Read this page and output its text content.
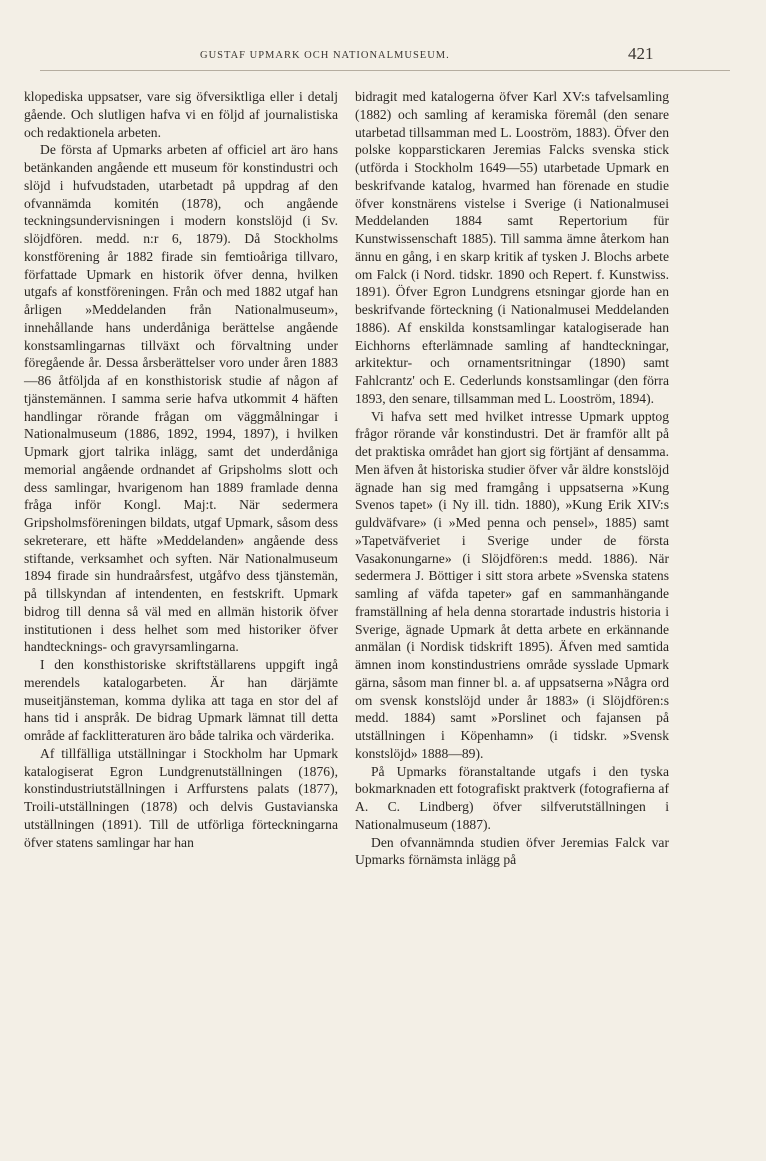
GUSTAF UPMARK OCH NATIONALMUSEUM.	421

klopediska uppsatser, vare sig öfversiktliga eller i detalj gående. Och slutligen hafva vi en följd af journalistiska och redaktionela arbeten.

De första af Upmarks arbeten af officiel art äro hans betänkanden angående ett museum för konstindustri och slöjd i hufvudstaden, utarbetadt på uppdrag af den ofvannämda komitén (1878), och angående teckningsundervisningen i modern konstslöjd (i Sv. slöjdfören. medd. n:r 6, 1879). Då Stockholms konstförening år 1882 firade sin femtioåriga tillvaro, författade Upmark en historik öfver denna, hvilken utgafs af konstföreningen. Från och med 1882 utgaf han årligen »Meddelanden från Nationalmuseum», innehållande hans underdåniga berättelse angående konstsamlingarnas tillväxt och förvaltning under föregående år. Dessa årsberättelser voro under åren 1883—86 åtföljda af en konsthistorisk studie af någon af tjänstemännen. I samma serie hafva utkommit 4 häften handlingar rörande frågan om väggmålningar i Nationalmuseum (1886, 1892, 1994, 1897), i hvilken Upmark gjort talrika inlägg, samt det underdåniga memorial angående ordnandet af Gripsholms slott och dess samlingar, hvarigenom han 1889 framlade denna fråga inför Kongl. Maj:t. När sedermera Gripsholmsföreningen bildats, utgaf Upmark, såsom dess sekreterare, ett häfte »Meddelanden» angående dess stiftande, verksamhet och syften. När Nationalmuseum 1894 firade sin hundraårsfest, utgåfvo dess tjänstemän, på tillskyndan af intendenten, en festskrift. Upmark bidrog till denna så väl med en allmän historik öfver institutionen i dess helhet som med historiker öfver handtecknings- och gravyrsamlingarna.

I den konsthistoriske skriftställarens uppgift ingå merendels katalogarbeten. Är han därjämte museitjänsteman, komma dylika att taga en stor del af hans tid i anspråk. De bidrag Upmark lämnat till detta område af facklitteraturen äro både talrika och värderika.

Af tillfälliga utställningar i Stockholm har Upmark katalogiserat Egron Lundgrenutställningen (1876), konstindustriutställningen i Arffurstens palats (1877), Troili-utställningen (1878) och delvis Gustavianska utställningen (1891). Till de utförliga förteckningarna öfver statens samlingar har han

bidragit med katalogerna öfver Karl XV:s tafvelsamling (1882) och samling af keramiska föremål (den senare utarbetad tillsamman med L. Looström, 1883). Öfver den polske kopparstickaren Jeremias Falcks svenska stick (utförda i Stockholm 1649—55) utarbetade Upmark en beskrifvande katalog, hvarmed han förenade en studie öfver konstnärens vistelse i Sverige (i Nationalmusei Meddelanden 1884 samt Repertorium für Kunstwissenschaft 1885). Till samma ämne återkom han ännu en gång, i en skarp kritik af tysken J. Blochs arbete om Falck (i Nord. tidskr. 1890 och Repert. f. Kunstwiss. 1891). Öfver Egron Lundgrens etsningar gjorde han en beskrifvande förteckning (i Nationalmusei Meddelanden 1886). Af enskilda konstsamlingar katalogiserade han Eichhorns efterlämnade samling af handteckningar, arkitektur- och ornamentsritningar (1890) samt Fahlcrantz' och E. Cederlunds konstsamlingar (den förra 1893, den senare, tillsamman med L. Looström, 1894).

Vi hafva sett med hvilket intresse Upmark upptog frågor rörande vår konstindustri. Det är framför allt på det praktiska området han gjort sig förtjänt af densamma. Men äfven åt historiska studier öfver vår äldre konstslöjd ägnade han sig med framgång i uppsatserna »Kung Svenos tapet» (i Ny ill. tidn. 1880), »Kung Erik XIV:s guldväfvare» (i »Med penna och pensel», 1885) samt »Tapetväfveriet i Sverige under de första Vasakonungarne» (i Slöjdfören:s medd. 1886). När sedermera J. Böttiger i sitt stora arbete »Svenska statens samling af väfda tapeter» gaf en sammanhängande framställning af hela denna storartade industris historia i Sverige, ägnade Upmark åt detta arbete en erkännande anmälan (i Nordisk tidskrift 1895). Äfven med samtida ämnen inom konstindustriens område sysslade Upmark gärna, såsom man finner bl. a. af uppsatserna »Några ord om svensk konstslöjd under år 1883» (i Slöjdfören:s medd. 1884) samt »Porslinet och fajansen på utställningen i Köpenhamn» (i tidskr. »Svensk konstslöjd» 1888—89).

På Upmarks föranstaltande utgafs i den tyska bokmarknaden ett fotografiskt praktverk (fotografierna af A. C. Lindberg) öfver silfverutställningen i Nationalmuseum (1887).

Den ofvannämnda studien öfver Jeremias Falck var Upmarks förnämsta inlägg på
